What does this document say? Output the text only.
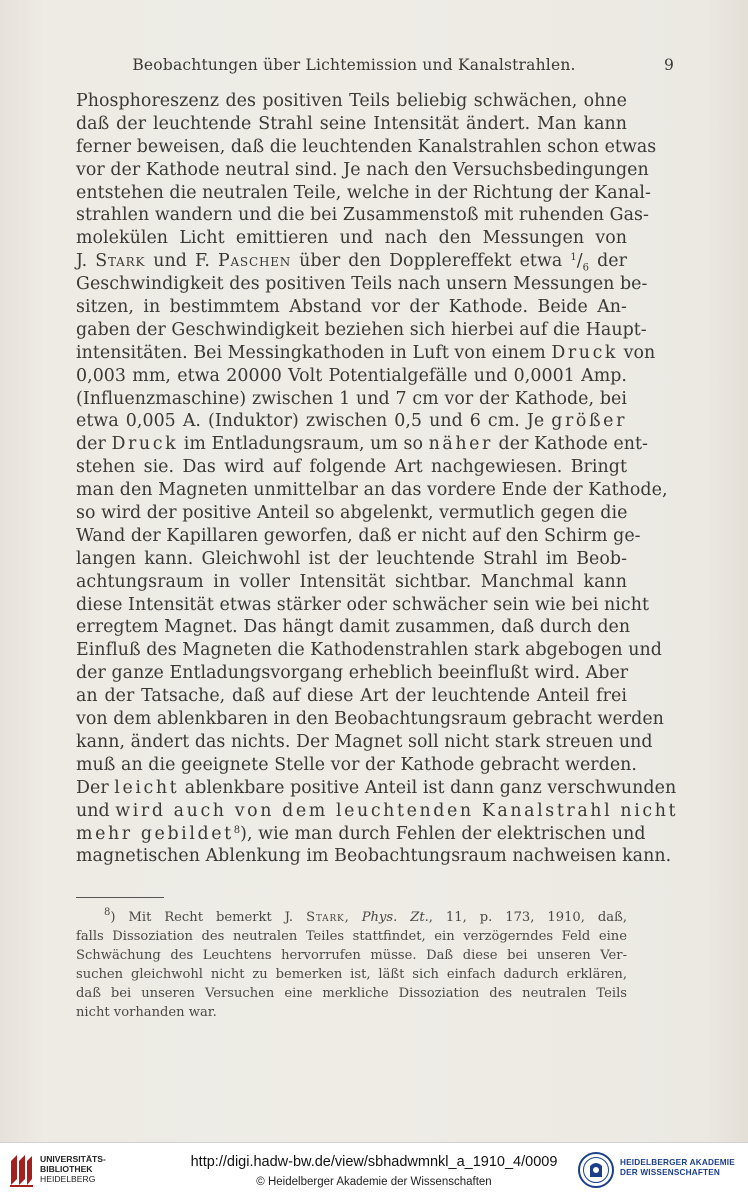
Beobachtungen über Lichtemission und Kanalstrahlen.	9
Phosphoreszenz des positiven Teils beliebig schwächen, ohne
daß der leuchtende Strahl seine Intensität ändert. Man kann
ferner beweisen, daß die leuchtenden Kanalstrahlen schon etwas
vor der Kathode neutral sind. Je nach den Versuchsbedingungen
entstehen die neutralen Teile, welche in der Richtung der Kanal-
strahlen wandern und die bei Zusammenstoß mit ruhenden Gas-
molekülen Licht emittieren und nach den Messungen von
J. Stark und F. Paschen über den Dopplereffekt etwa $^1/_6$ der
Geschwindigkeit des positiven Teils nach unsern Messungen be-
sitzen, in bestimmtem Abstand vor der Kathode. Beide An-
gaben der Geschwindigkeit beziehen sich hierbei auf die Haupt-
intensitäten. Bei Messingkathoden in Luft von einem Druck von
0,003 mm, etwa 20000 Volt Potentialgefälle und 0,0001 Amp.
(Influenzmaschine) zwischen 1 und 7 cm vor der Kathode, bei
etwa 0,005 A. (Induktor) zwischen 0,5 und 6 cm. Je größer
der Druck im Entladungsraum, um so näher der Kathode ent-
stehen sie. Das wird auf folgende Art nachgewiesen. Bringt
man den Magneten unmittelbar an das vordere Ende der Kathode,
so wird der positive Anteil so abgelenkt, vermutlich gegen die
Wand der Kapillaren geworfen, daß er nicht auf den Schirm ge-
langen kann. Gleichwohl ist der leuchtende Strahl im Beob-
achtungsraum in voller Intensität sichtbar. Manchmal kann
diese Intensität etwas stärker oder schwächer sein wie bei nicht
erregtem Magnet. Das hängt damit zusammen, daß durch den
Einfluß des Magneten die Kathodenstrahlen stark abgebogen und
der ganze Entladungsvorgang erheblich beeinflußt wird. Aber
an der Tatsache, daß auf diese Art der leuchtende Anteil frei
von dem ablenkbaren in den Beobachtungsraum gebracht werden
kann, ändert das nichts. Der Magnet soll nicht stark streuen und
muß an die geeignete Stelle vor der Kathode gebracht werden.
Der leicht ablenkbare positive Anteil ist dann ganz verschwunden
und wird auch von dem leuchtenden Kanalstrahl nicht
mehr gebildet$^8$), wie man durch Fehlen der elektrischen und
magnetischen Ablenkung im Beobachtungsraum nachweisen kann.
$^8$) Mit Recht bemerkt J. Stark, Phys. Zt., 11, p. 173, 1910, daß,
falls Dissoziation des neutralen Teiles stattfindet, ein verzögerndes Feld eine
Schwächung des Leuchtens hervorrufen müsse. Daß diese bei unseren Ver-
suchen gleichwohl nicht zu bemerken ist, läßt sich einfach dadurch erklären,
daß bei unseren Versuchen eine merkliche Dissoziation des neutralen Teils
nicht vorhanden war.
UNIVERSITÄTS-
BIBLIOTHEK
HEIDELBERG
http://digi.hadw-bw.de/view/sbhadwmnkl_a_1910_4/0009
© Heidelberger Akademie der Wissenschaften
HEIDELBERGER AKADEMIE
DER WISSENSCHAFTEN
